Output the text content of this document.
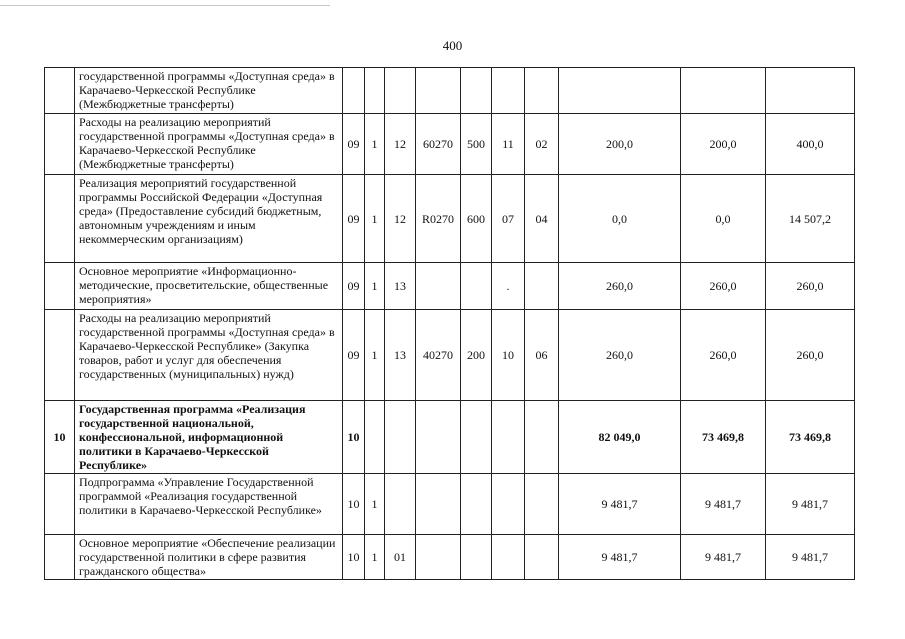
400
	государственной программы «Доступная среда» в Карачаево-Черкесской Республике (Межбюджетные трансферты)										
	Расходы на реализацию мероприятий государственной программы «Доступная среда» в Карачаево-Черкесской Республике (Межбюджетные трансферты)	09	1	12	60270	500	11	02	200,0	200,0	400,0
	Реализация мероприятий государственной программы Российской Федерации «Доступная среда» (Предоставление субсидий бюджетным, автономным учреждениям и иным некоммерческим организациям)	09	1	12	R0270	600	07	04	0,0	0,0	14 507,2
	Основное мероприятие «Информационно-методические, просветительские, общественные мероприятия»	09	1	13			.		260,0	260,0	260,0
	Расходы на реализацию мероприятий государственной программы «Доступная среда» в Карачаево-Черкесской Республике» (Закупка товаров, работ и услуг для обеспечения государственных (муниципальных) нужд)	09	1	13	40270	200	10	06	260,0	260,0	260,0
10	Государственная программа «Реализация государственной национальной, конфессиональной, информационной политики в Карачаево-Черкесской Республике»	10							82 049,0	73 469,8	73 469,8
	Подпрограмма «Управление Государственной программой «Реализация государственной политики в Карачаево-Черкесской Республике»	10	1						9 481,7	9 481,7	9 481,7
	Основное мероприятие «Обеспечение реализации государственной политики в сфере развития гражданского общества»	10	1	01					9 481,7	9 481,7	9 481,7
